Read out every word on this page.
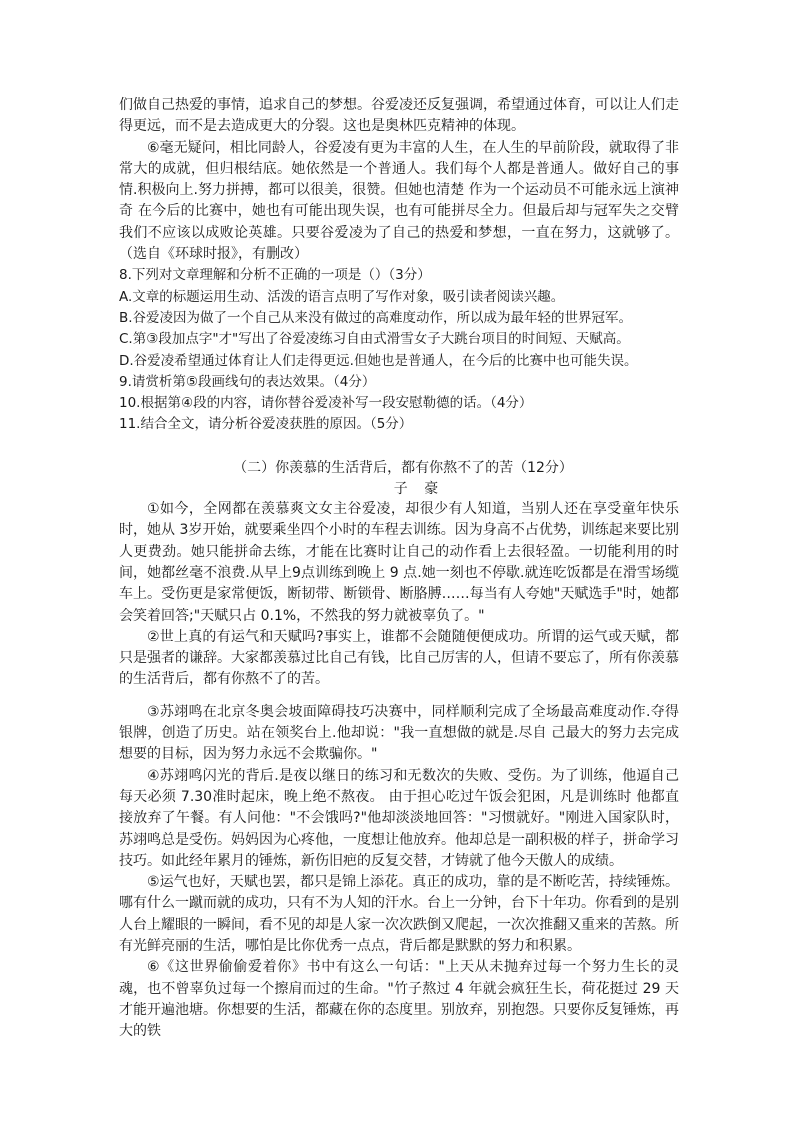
们做自己热爱的事情，追求自己的梦想。谷爱凌还反复强调，希望通过体育，可以让人们走得更远，而不是去造成更大的分裂。这也是奥林匹克精神的体现。

⑥毫无疑问，相比同龄人，谷爱凌有更为丰富的人生，在人生的早前阶段，就取得了非常大的成就，但归根结底。她依然是一个普通人。我们每个人都是普通人。做好自己的事情.积极向上.努力拼搏，都可以很美，很赞。但她也清楚 作为一个运动员不可能永远上演神奇 在今后的比赛中，她也有可能出现失误，也有可能拼尽全力。但最后却与冠军失之交臂我们不应该以成败论英雄。只要谷爱凌为了自己的热爱和梦想，一直在努力，这就够了。（选自《环球时报》，有删改）

8.下列对文章理解和分析不正确的一项是（）（3分）

A.文章的标题运用生动、活泼的语言点明了写作对象，吸引读者阅读兴趣。

B.谷爱凌因为做了一个自己从来没有做过的高难度动作，所以成为最年轻的世界冠军。

C.第③段加点字"才"写出了谷爱凌练习自由式滑雪女子大跳台项目的时间短、天赋高。

D.谷爱凌希望通过体育让人们走得更远.但她也是普通人，在今后的比赛中也可能失误。

9.请赏析第⑤段画线句的表达效果。（4分）

10.根据第④段的内容，请你替谷爱凌补写一段安慰勒德的话。（4分）

11.结合全文，请分析谷爱凌获胜的原因。（5分）

（二）你羡慕的生活背后，都有你熬不了的苦（12分）

子 豪

①如今，全网都在羡慕爽文女主谷爱凌，却很少有人知道，当别人还在享受童年快乐时，她从 3岁开始，就要乘坐四个小时的车程去训练。因为身高不占优势，训练起来要比别人更费劲。她只能拼命去练，才能在比赛时让自己的动作看上去很轻盈。一切能利用的时间，她都丝毫不浪费.从早上9点训练到晚上 9 点.她一刻也不停歇.就连吃饭都是在滑雪场缆车上。受伤更是家常便饭，断韧带、断锁骨、断胳膊……每当有人夸她"天赋选手"时，她都会笑着回答;"天赋只占 0.1%，不然我的努力就被辜负了。"

②世上真的有运气和天赋吗?事实上，谁都不会随随便便成功。所谓的运气或天赋，都只是强者的谦辞。大家都羡慕过比自己有钱，比自己厉害的人，但请不要忘了，所有你羡慕的生活背后，都有你熬不了的苦。

③苏翊鸣在北京冬奥会坡面障碍技巧决赛中，同样顺利完成了全场最高难度动作.夺得银牌，创造了历史。站在领奖台上.他却说："我一直想做的就是.尽自 己最大的努力去完成想要的目标，因为努力永远不会欺骗你。"

④苏翊鸣闪光的背后.是夜以继日的练习和无数次的失败、受伤。为了训练，他逼自己每天必须 7.30准时起床，晚上绝不熬夜。 由于担心吃过午饭会犯困，凡是训练时 他都直接放弃了午餐。有人问他："不会饿吗?"他却淡淡地回答："习惯就好。"刚进入国家队时，苏翊鸣总是受伤。妈妈因为心疼他，一度想让他放弃。他却总是一副积极的样子，拼命学习技巧。如此经年累月的锤炼，新伤旧疤的反复交替，才铸就了他今天傲人的成绩。

⑤运气也好，天赋也罢，都只是锦上添花。真正的成功，靠的是不断吃苦，持续锤炼。哪有什么一蹴而就的成功，只有不为人知的汗水。台上一分钟，台下十年功。你看到的是别人台上耀眼的一瞬间，看不见的却是人家一次次跌倒又爬起，一次次推翻又重来的苦熬。所有光鲜亮丽的生活，哪怕是比你优秀一点点，背后都是默默的努力和积累。

⑥《这世界偷偷爱着你》书中有这么一句话："上天从未抛弃过每一个努力生长的灵魂，也不曾辜负过每一个擦肩而过的生命。"竹子熬过 4 年就会疯狂生长，荷花挺过 29 天才能开遍池塘。你想要的生活，都藏在你的态度里。别放弃，别抱怨。只要你反复锤炼，再大的铁
